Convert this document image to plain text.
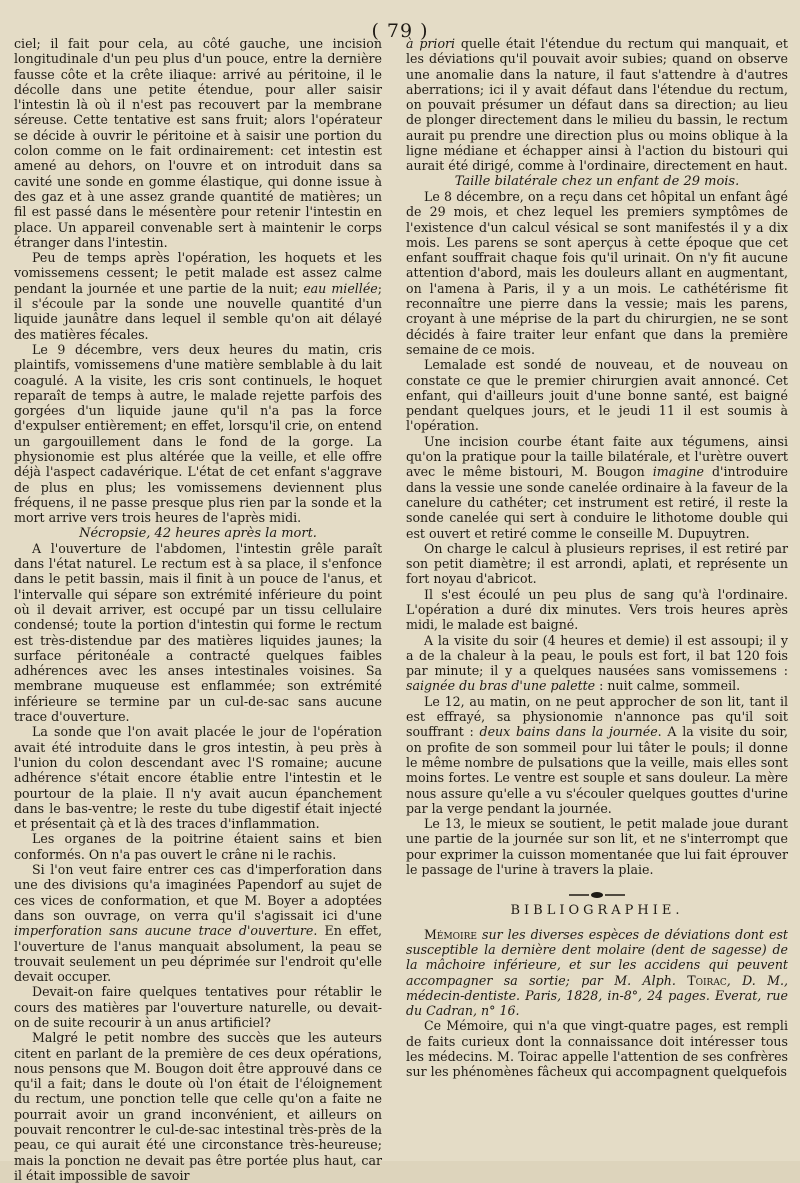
( 79 )

ciel; il fait pour cela, au côté gauche, une incision longitudinale d'un peu plus d'un pouce, entre la dernière fausse côte et la crête iliaque: arrivé au péritoine, il le décolle dans une petite étendue, pour aller saisir l'intestin là où il n'est pas recouvert par la membrane séreuse. Cette tentative est sans fruit; alors l'opérateur se décide à ouvrir le péritoine et à saisir une portion du colon comme on le fait ordinairement: cet intestin est amené au dehors, on l'ouvre et on introduit dans sa cavité une sonde en gomme élastique, qui donne issue à des gaz et à une assez grande quantité de matières; un fil est passé dans le mésentère pour retenir l'intestin en place. Un appareil convenable sert à maintenir le corps étranger dans l'intestin.

Peu de temps après l'opération, les hoquets et les vomissemens cessent; le petit malade est assez calme pendant la journée et une partie de la nuit; eau miellée; il s'écoule par la sonde une nouvelle quantité d'un liquide jaunâtre dans lequel il semble qu'on ait délayé des matières fécales.

Le 9 décembre, vers deux heures du matin, cris plaintifs, vomissemens d'une matière semblable à du lait coagulé. A la visite, les cris sont continuels, le hoquet reparaît de temps à autre, le malade rejette parfois des gorgées d'un liquide jaune qu'il n'a pas la force d'expulser entièrement; en effet, lorsqu'il crie, on entend un gargouillement dans le fond de la gorge. La physionomie est plus altérée que la veille, et elle offre déjà l'aspect cadavérique. L'état de cet enfant s'aggrave de plus en plus; les vomissemens deviennent plus fréquens, il ne passe presque plus rien par la sonde et la mort arrive vers trois heures de l'après midi.

Nécropsie, 42 heures après la mort.

A l'ouverture de l'abdomen, l'intestin grêle paraît dans l'état naturel. Le rectum est à sa place, il s'enfonce dans le petit bassin, mais il finit à un pouce de l'anus, et l'intervalle qui sépare son extrémité inférieure du point où il devait arriver, est occupé par un tissu cellulaire condensé; toute la portion d'intestin qui forme le rectum est très-distendue par des matières liquides jaunes; la surface péritonéale a contracté quelques faibles adhérences avec les anses intestinales voisines. Sa membrane muqueuse est enflammée; son extrémité inférieure se termine par un cul-de-sac sans aucune trace d'ouverture.

La sonde que l'on avait placée le jour de l'opération avait été introduite dans le gros intestin, à peu près à l'union du colon descendant avec l'S romaine; aucune adhérence s'était encore établie entre l'intestin et le pourtour de la plaie. Il n'y avait aucun épanchement dans le bas-ventre; le reste du tube digestif était injecté et présentait çà et là des traces d'inflammation.

Les organes de la poitrine étaient sains et bien conformés. On n'a pas ouvert le crâne ni le rachis.

Si l'on veut faire entrer ces cas d'imperforation dans une des divisions qu'a imaginées Papendorf au sujet de ces vices de conformation, et que M. Boyer a adoptées dans son ouvrage, on verra qu'il s'agissait ici d'une imperforation sans aucune trace d'ouverture. En effet, l'ouverture de l'anus manquait absolument, la peau se trouvait seulement un peu déprimée sur l'endroit qu'elle devait occuper.

Devait-on faire quelques tentatives pour rétablir le cours des matières par l'ouverture naturelle, ou devait-on de suite recourir à un anus artificiel?

Malgré le petit nombre des succès que les auteurs citent en parlant de la première de ces deux opérations, nous pensons que M. Bougon doit être approuvé dans ce qu'il a fait; dans le doute où l'on était de l'éloignement du rectum, une ponction telle que celle qu'on a faite ne pourrait avoir un grand inconvénient, et ailleurs on pouvait rencontrer le cul-de-sac intestinal très-près de la peau, ce qui aurait été une circonstance très-heureuse; mais la ponction ne devait pas être portée plus haut, car il était impossible de savoir

à priori quelle était l'étendue du rectum qui manquait, et les déviations qu'il pouvait avoir subies; quand on observe une anomalie dans la nature, il faut s'attendre à d'autres aberrations; ici il y avait défaut dans l'étendue du rectum, on pouvait présumer un défaut dans sa direction; au lieu de plonger directement dans le milieu du bassin, le rectum aurait pu prendre une direction plus ou moins oblique à la ligne médiane et échapper ainsi à l'action du bistouri qui aurait été dirigé, comme à l'ordinaire, directement en haut.

Taille bilatérale chez un enfant de 29 mois.

Le 8 décembre, on a reçu dans cet hôpital un enfant âgé de 29 mois, et chez lequel les premiers symptômes de l'existence d'un calcul vésical se sont manifestés il y a dix mois. Les parens se sont aperçus à cette époque que cet enfant souffrait chaque fois qu'il urinait. On n'y fit aucune attention d'abord, mais les douleurs allant en augmentant, on l'amena à Paris, il y a un mois. Le cathétérisme fit reconnaître une pierre dans la vessie; mais les parens, croyant à une méprise de la part du chirurgien, ne se sont décidés à faire traiter leur enfant que dans la première semaine de ce mois.

Lemalade est sondé de nouveau, et de nouveau on constate ce que le premier chirurgien avait annoncé. Cet enfant, qui d'ailleurs jouit d'une bonne santé, est baigné pendant quelques jours, et le jeudi 11 il est soumis à l'opération.

Une incision courbe étant faite aux tégumens, ainsi qu'on la pratique pour la taille bilatérale, et l'urètre ouvert avec le même bistouri, M. Bougon imagine d'introduire dans la vessie une sonde canelée ordinaire à la faveur de la canelure du cathéter; cet instrument est retiré, il reste la sonde canelée qui sert à conduire le lithotome double qui est ouvert et retiré comme le conseille M. Dupuytren.

On charge le calcul à plusieurs reprises, il est retiré par son petit diamètre; il est arrondi, aplati, et représente un fort noyau d'abricot.

Il s'est écoulé un peu plus de sang qu'à l'ordinaire. L'opération a duré dix minutes. Vers trois heures après midi, le malade est baigné.

A la visite du soir (4 heures et demie) il est assoupi; il y a de la chaleur à la peau, le pouls est fort, il bat 120 fois par minute; il y a quelques nausées sans vomissemens : saignée du bras d'une palette : nuit calme, sommeil.

Le 12, au matin, on ne peut approcher de son lit, tant il est effrayé, sa physionomie n'annonce pas qu'il soit souffrant : deux bains dans la journée. A la visite du soir, on profite de son sommeil pour lui tâter le pouls; il donne le même nombre de pulsations que la veille, mais elles sont moins fortes. Le ventre est souple et sans douleur. La mère nous assure qu'elle a vu s'écouler quelques gouttes d'urine par la verge pendant la journée.

Le 13, le mieux se soutient, le petit malade joue durant une partie de la journée sur son lit, et ne s'interrompt que pour exprimer la cuisson momentanée que lui fait éprouver le passage de l'urine à travers la plaie.

BIBLIOGRAPHIE.

Mémoire sur les diverses espèces de déviations dont est susceptible la dernière dent molaire (dent de sagesse) de la mâchoire inférieure, et sur les accidens qui peuvent accompagner sa sortie; par M. Alph. Toirac, D. M., médecin-dentiste. Paris, 1828, in-8°, 24 pages. Everat, rue du Cadran, n° 16.

Ce Mémoire, qui n'a que vingt-quatre pages, est rempli de faits curieux dont la connaissance doit intéresser tous les médecins. M. Toirac appelle l'attention de ses confrères sur les phénomènes fâcheux qui accompagnent quelquefois
